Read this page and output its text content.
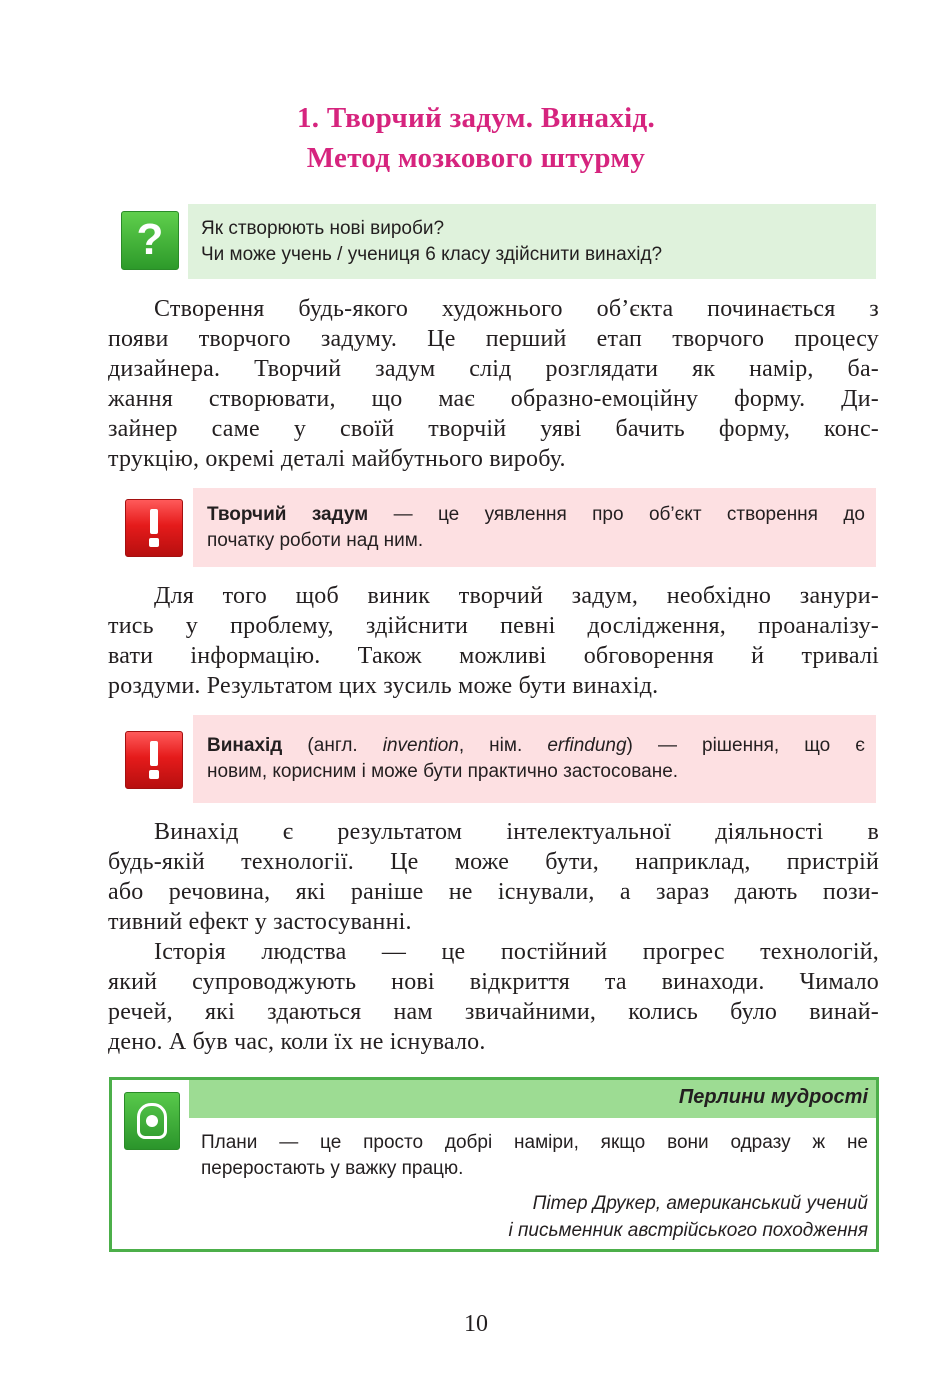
1. Творчий задум. Винахід.
Метод мозкового штурму
?	Як створюють нові вироби?
Чи може учень / учениця 6 класу здійснити винахід?
Створення будь-якого художнього об’єкта починається з
появи творчого задуму. Це перший етап творчого процесу
дизайнера. Творчий задум слід розглядати як намір, ба-
жання створювати, що має образно-емоційну форму. Ди-
зайнер саме у своїй творчій уяві бачить форму, конс-
трукцію, окремі деталі майбутнього виробу.
Творчий задум — це уявлення про об’єкт створення до
початку роботи над ним.
Для того щоб виник творчий задум, необхідно занури-
тись у проблему, здійснити певні дослідження, проаналізу-
вати інформацію. Також можливі обговорення й тривалі
роздуми. Результатом цих зусиль може бути винахід.
Винахід (англ. invention, нім. erfindung) — рішення, що є
новим, корисним і може бути практично застосоване.
Винахід є результатом інтелектуальної діяльності в
будь-якій технології. Це може бути, наприклад, пристрій
або речовина, які раніше не існували, а зараз дають пози-
тивний ефект у застосуванні.
Історія людства — це постійний прогрес технологій,
який супроводжують нові відкриття та винаходи. Чимало
речей, які здаються нам звичайними, колись було винай-
дено. А був час, коли їх не існувало.
Перлини мудрості
Плани — це просто добрі наміри, якщо вони одразу ж не
переростають у важку працю.
Пітер Друкер, американський учений
і письменник австрійського походження
10
